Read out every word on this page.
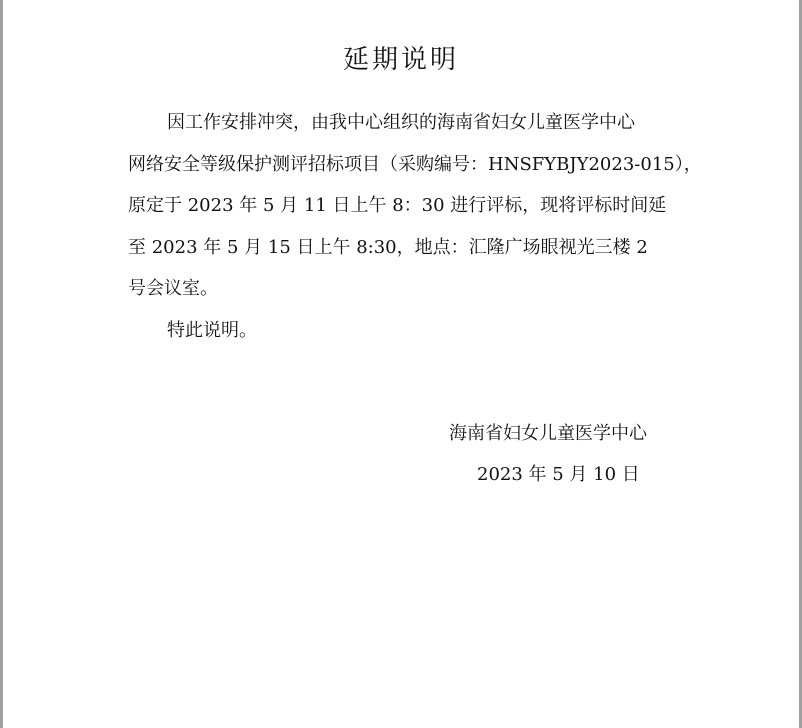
延期说明
因工作安排冲突，由我中心组织的海南省妇女儿童医学中心
网络安全等级保护测评招标项目（采购编号：HNSFYBJY2023-015），
原定于 2023 年 5 月 11 日上午 8：30 进行评标，现将评标时间延
至 2023 年 5 月 15 日上午 8:30，地点：汇隆广场眼视光三楼 2
号会议室。
特此说明。
海南省妇女儿童医学中心
2023 年 5 月 10 日
